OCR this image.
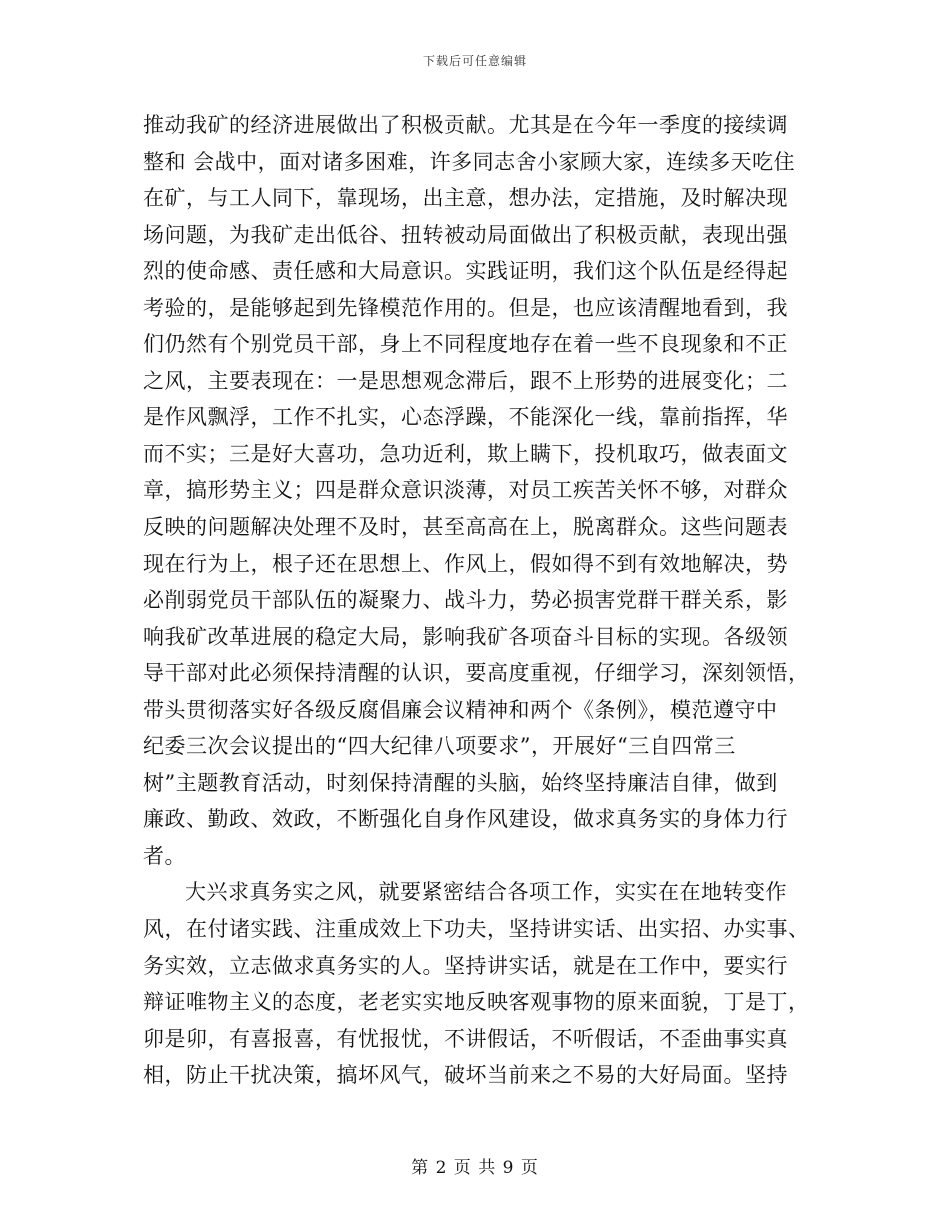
下载后可任意编辑
推动我矿的经济进展做出了积极贡献。尤其是在今年一季度的接续调
整和 会战中，面对诸多困难，许多同志舍小家顾大家，连续多天吃住
在矿，与工人同下，靠现场，出主意，想办法，定措施，及时解决现
场问题，为我矿走出低谷、扭转被动局面做出了积极贡献，表现出强
烈的使命感、责任感和大局意识。实践证明，我们这个队伍是经得起
考验的，是能够起到先锋模范作用的。但是，也应该清醒地看到，我
们仍然有个别党员干部，身上不同程度地存在着一些不良现象和不正
之风，主要表现在：一是思想观念滞后，跟不上形势的进展变化；二
是作风飘浮，工作不扎实，心态浮躁，不能深化一线，靠前指挥，华
而不实；三是好大喜功，急功近利，欺上瞒下，投机取巧，做表面文
章，搞形势主义；四是群众意识淡薄，对员工疾苦关怀不够，对群众
反映的问题解决处理不及时，甚至高高在上，脱离群众。这些问题表
现在行为上，根子还在思想上、作风上，假如得不到有效地解决，势
必削弱党员干部队伍的凝聚力、战斗力，势必损害党群干群关系，影
响我矿改革进展的稳定大局，影响我矿各项奋斗目标的实现。各级领
导干部对此必须保持清醒的认识，要高度重视，仔细学习，深刻领悟，
带头贯彻落实好各级反腐倡廉会议精神和两个《条例》，模范遵守中
纪委三次会议提出的“四大纪律八项要求”，开展好“三自四常三
树”主题教育活动，时刻保持清醒的头脑，始终坚持廉洁自律，做到
廉政、勤政、效政，不断强化自身作风建设，做求真务实的身体力行
者。
大兴求真务实之风，就要紧密结合各项工作，实实在在地转变作
风，在付诸实践、注重成效上下功夫，坚持讲实话、出实招、办实事、
务实效，立志做求真务实的人。坚持讲实话，就是在工作中，要实行
辩证唯物主义的态度，老老实实地反映客观事物的原来面貌，丁是丁，
卯是卯，有喜报喜，有忧报忧，不讲假话，不听假话，不歪曲事实真
相，防止干扰决策，搞坏风气，破坏当前来之不易的大好局面。坚持
第 2 页 共 9 页
